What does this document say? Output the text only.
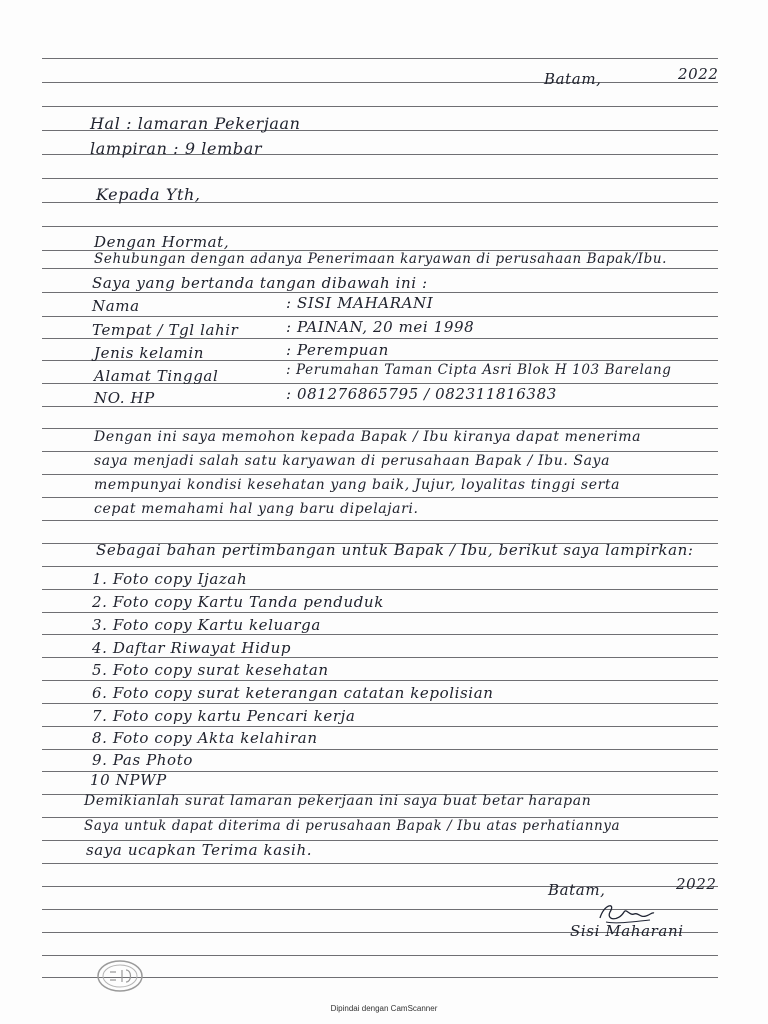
Batam,	2022
Hal : lamaran Pekerjaan
lampiran : 9 lembar
Kepada Yth,
Dengan Hormat,
Sehubungan dengan adanya Penerimaan karyawan di perusahaan Bapak/Ibu.
Saya yang bertanda tangan dibawah ini :
Nama	: SISI MAHARANI
Tempat / Tgl lahir	: PAINAN, 20 mei 1998
Jenis kelamin	: Perempuan
Alamat Tinggal	: Perumahan Taman Cipta Asri Blok H 103 Barelang
NO. HP	: 081276865795 / 082311816383
Dengan ini saya memohon kepada Bapak / Ibu kiranya dapat menerima
saya menjadi salah satu karyawan di perusahaan Bapak / Ibu. Saya
mempunyai kondisi kesehatan yang baik, Jujur, loyalitas tinggi serta
cepat memahami hal yang baru dipelajari.
Sebagai bahan pertimbangan untuk Bapak / Ibu, berikut saya lampirkan:
1. Foto copy Ijazah
2. Foto copy Kartu Tanda penduduk
3. Foto copy Kartu keluarga
4. Daftar Riwayat Hidup
5. Foto copy surat kesehatan
6. Foto copy surat keterangan catatan kepolisian
7. Foto copy kartu Pencari kerja
8. Foto copy Akta kelahiran
9. Pas Photo
10 NPWP
Demikianlah surat lamaran pekerjaan ini saya buat betar harapan
Saya untuk dapat diterima di perusahaan Bapak / Ibu atas perhatiannya
saya ucapkan Terima kasih.
Batam,	2022
Sisi Maharani
Dipindai dengan CamScanner
